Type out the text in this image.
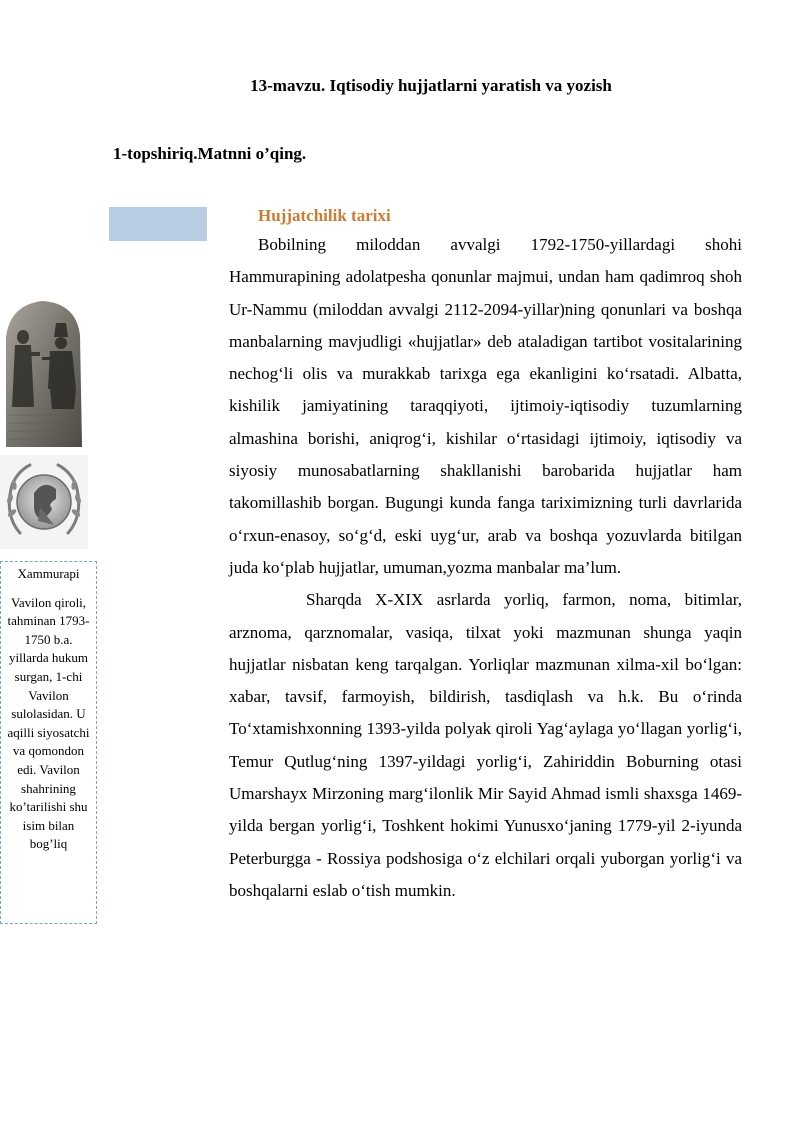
13-mavzu. Iqtisodiy hujjatlarni yaratish va yozish

1-topshiriq.Matnni o’qing.

Hujjatchilik tarixi

Bobilning miloddan avvalgi 1792-1750-yillardagi shohi Hammurapining adolatpesha qonunlar majmui, undan ham qadimroq shoh Ur-Nammu (miloddan avvalgi 2112-2094-yillar)ning qonunlari va boshqa manbalarning mavjudligi «hujjatlar» deb ataladigan tartibot vositalarining nechog‘li olis va murakkab tarixga ega ekanligini ko‘rsatadi. Albatta, kishilik jamiyatining taraqqiyoti, ijtimoiy-iqtisodiy tuzumlarning almashina borishi, aniqrog‘i, kishilar o‘rtasidagi ijtimoiy, iqtisodiy va siyosiy munosabatlarning shakllanishi barobarida hujjatlar ham takomillashib borgan. Bugungi kunda fanga tariximizning turli davrlarida o‘rxun-enasoy, so‘g‘d, eski uyg‘ur, arab va boshqa yozuvlarda bitilgan juda ko‘plab hujjatlar, umuman,yozma manbalar ma’lum.

Sharqda X-XIX asrlarda yorliq, farmon, noma, bitimlar, arznoma, qarznomalar, vasiqa, tilxat yoki mazmunan shunga yaqin hujjatlar nisbatan keng tarqalgan. Yorliqlar mazmunan xilma-xil bo‘lgan: xabar, tavsif, farmoyish, bildirish, tasdiqlash va h.k. Bu o‘rinda To‘xtamishxonning 1393-yilda polyak qiroli Yag‘aylaga yo‘llagan yorlig‘i, Temur Qutlug‘ning 1397-yildagi yorlig‘i, Zahiriddin Boburning otasi Umarshayx Mirzoning marg‘ilonlik Mir Sayid Ahmad ismli shaxsga 1469-yilda bergan yorlig‘i, Toshkent hokimi Yunusxo‘janing 1779-yil 2-iyunda Peterburgga - Rossiya podshosiga o‘z elchilari orqali yuborgan yorlig‘i va boshqalarni eslab o‘tish mumkin.

Xammurapi

Vavilon qiroli, tahminan 1793-1750 b.a. yillarda hukum surgan, 1-chi Vavilon sulolasidan. U aqilli siyosatchi va qomondon edi. Vavilon shahrining ko’tarilishi shu isim bilan bog’liq
